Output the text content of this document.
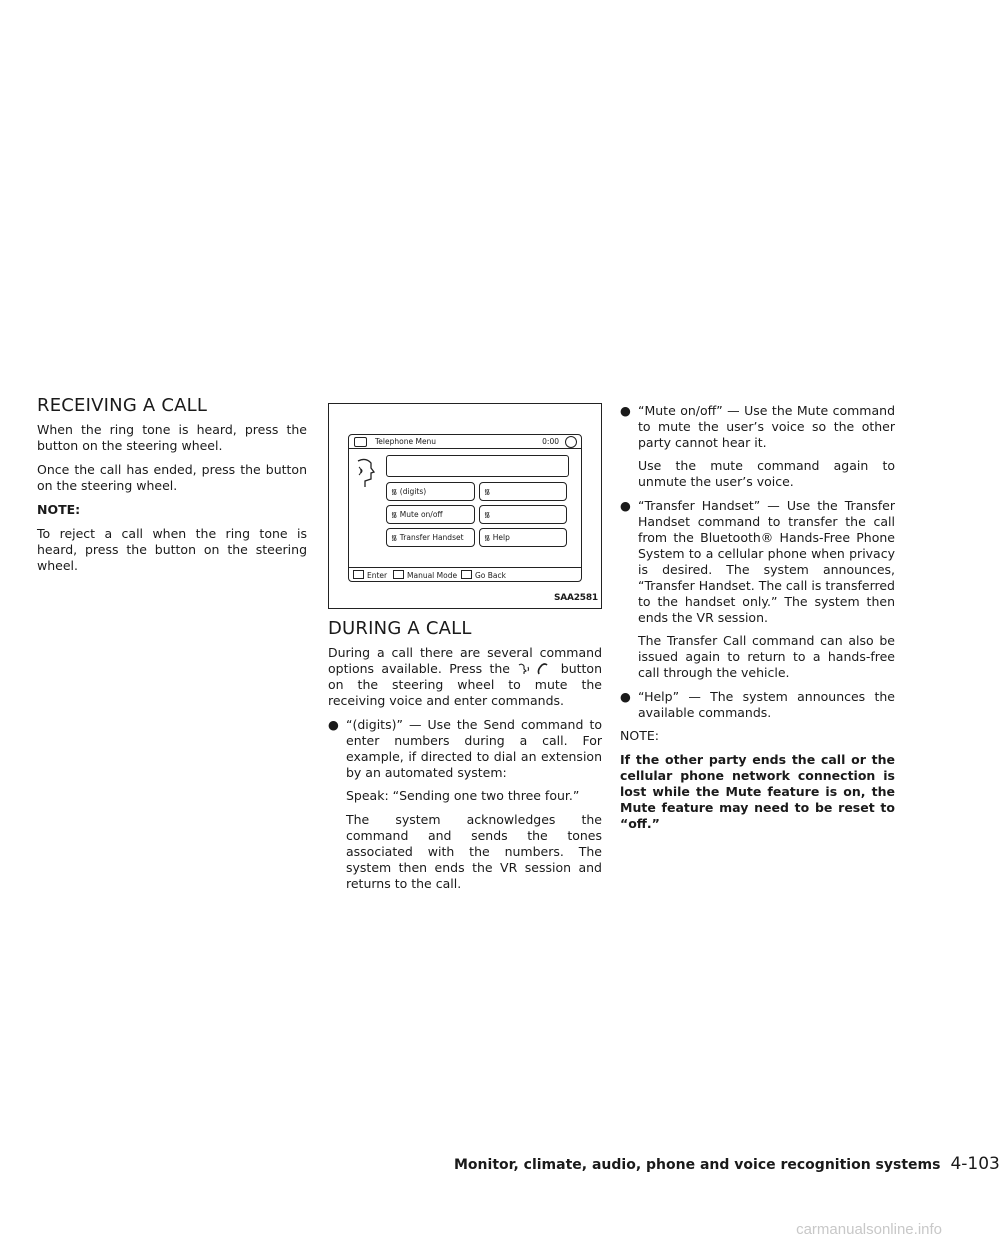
RECEIVING A CALL

When the ring tone is heard, press the button on the steering wheel.

Once the call has ended, press the button on the steering wheel.

NOTE:

To reject a call when the ring tone is heard, press the button on the steering wheel.

Telephone Menu	0:00
᯾ (digits)	᯾
᯾ Mute on/off	᯾
᯾ Transfer Handset	᯾ Help
Enter	Manual Mode	Go Back
SAA2581
DURING A CALL

During a call there are several command options available. Press the	button on the steering wheel to mute the receiving voice and enter commands.

● “(digits)” — Use the Send command to enter numbers during a call. For example, if directed to dial an extension by an automated system:

Speak: “Sending one two three four.”

The system acknowledges the command and sends the tones associated with the numbers. The system then ends the VR session and returns to the call.

● “Mute on/off” — Use the Mute command to mute the user’s voice so the other party cannot hear it.

Use the mute command again to unmute the user’s voice.

● “Transfer Handset” — Use the Transfer Handset command to transfer the call from the Bluetooth® Hands-Free Phone System to a cellular phone when privacy is desired. The system announces, “Transfer Handset. The call is transferred to the handset only.” The system then ends the VR session.

The Transfer Call command can also be issued again to return to a hands-free call through the vehicle.

● “Help” — The system announces the available commands.

NOTE:

If the other party ends the call or the cellular phone network connection is lost while the Mute feature is on, the Mute feature may need to be reset to “off.”

Monitor, climate, audio, phone and voice recognition systems 4-103
carmanualsonline.info
